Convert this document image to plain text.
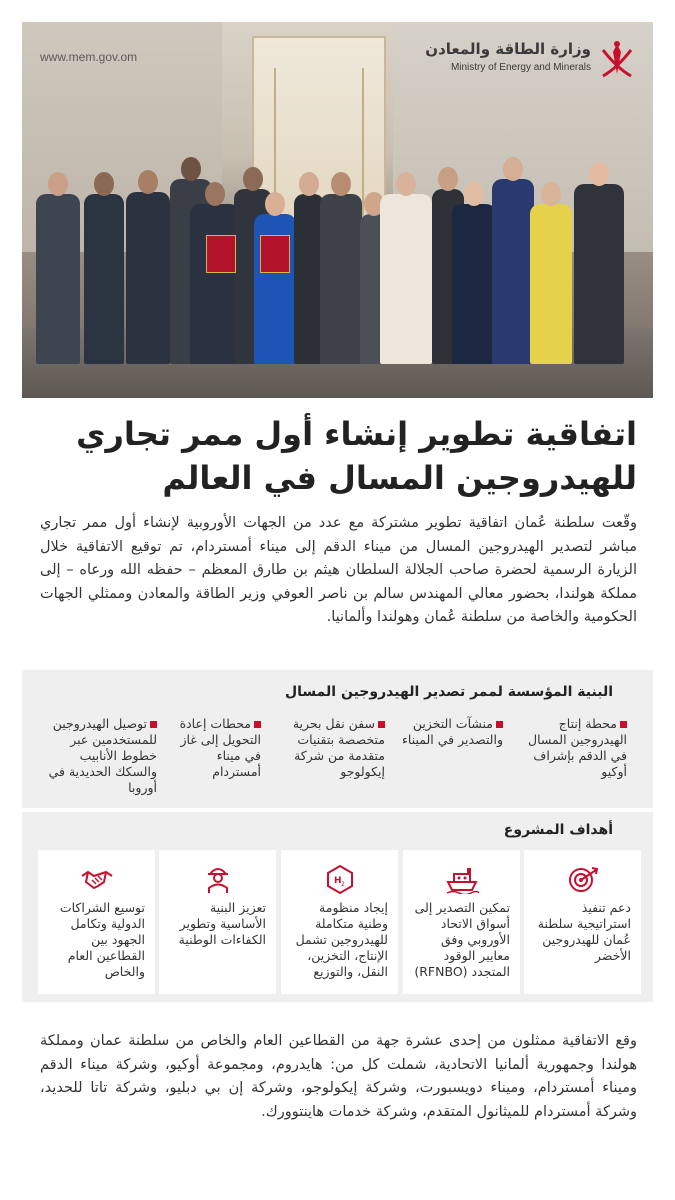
www.mem.gov.om	وزارة الطاقة والمعادن
Ministry of Energy and Minerals
اتفاقية تطوير إنشاء أول ممر تجاري
للهيدروجين المسال في العالم
وقّعت سلطنة عُمان اتفاقية تطوير مشتركة مع عدد من الجهات الأوروبية لإنشاء أول ممر تجاري مباشر لتصدير الهيدروجين المسال من ميناء الدقم إلى ميناء أمستردام، تم توقيع الاتفاقية خلال الزيارة الرسمية لحضرة صاحب الجلالة السلطان هيثم بن طارق المعظم – حفظه الله ورعاه – إلى مملكة هولندا، بحضور معالي المهندس سالم بن ناصر العوفي وزير الطاقة والمعادن وممثلي الجهات الحكومية والخاصة من سلطنة عُمان وهولندا وألمانيا.
البنية المؤسسة لممر تصدير الهيدروجين المسال
محطة إنتاج الهيدروجين المسال في الدقم بإشراف أوكيو
منشآت التخزين والتصدير في الميناء
سفن نقل بحرية متخصصة بتقنيات متقدمة من شركة إيكولوجو
محطات إعادة التحويل إلى غاز في ميناء أمستردام
توصيل الهيدروجين للمستخدمين عبر خطوط الأنابيب والسكك الحديدية في أوروبا
أهداف المشروع
دعم تنفيذ استراتيجية سلطنة عُمان للهيدروجين الأخضر
تمكين التصدير إلى أسواق الاتحاد الأوروبي وفق معايير الوقود المتجدد (RFNBO)
H 2
إيجاد منظومة وطنية متكاملة للهيدروجين تشمل الإنتاج، التخزين، النقل، والتوزيع
تعزيز البنية الأساسية وتطوير الكفاءات الوطنية
توسيع الشراكات الدولية وتكامل الجهود بين القطاعين العام والخاص
وقع الاتفاقية ممثلون من إحدى عشرة جهة من القطاعين العام والخاص من سلطنة عمان ومملكة هولندا وجمهورية ألمانيا الاتحادية، شملت كل من: هايدروم، ومجموعة أوكيو، وشركة ميناء الدقم وميناء أمستردام، وميناء دويسبورت، وشركة إيكولوجو، وشركة إن بي دبليو، وشركة تاتا للحديد، وشركة أمستردام للميثانول المتقدم، وشركة خدمات هاينتوورك.
